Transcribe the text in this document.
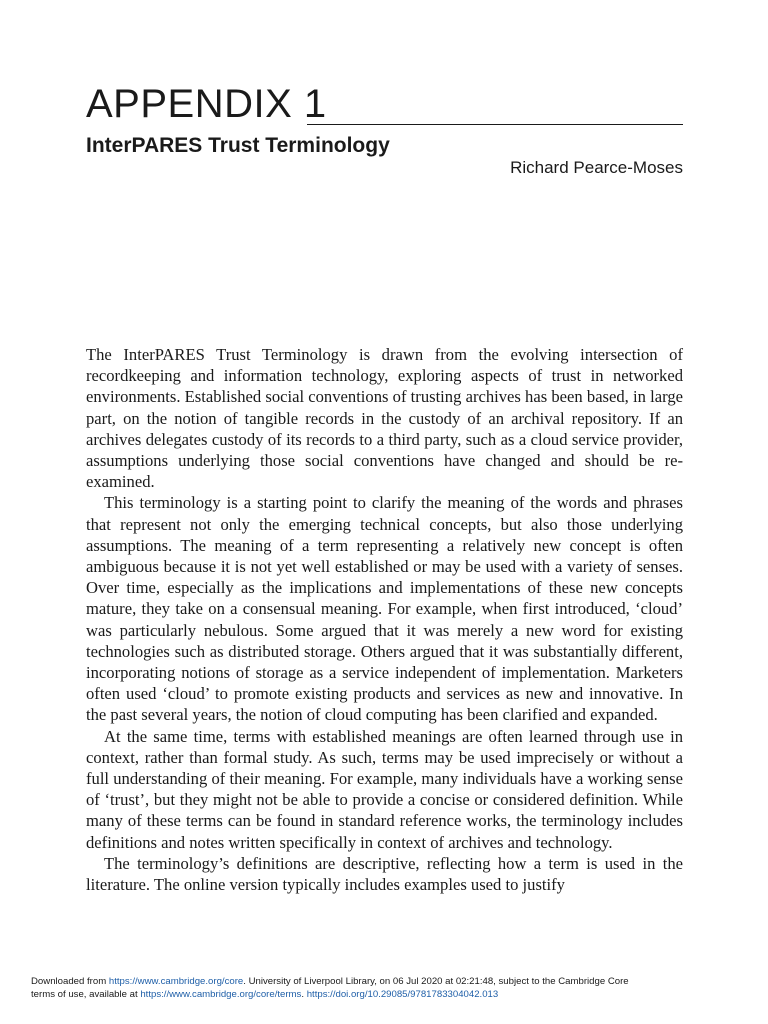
APPENDIX 1
InterPARES Trust Terminology

Richard Pearce-Moses

The InterPARES Trust Terminology is drawn from the evolving intersection of recordkeeping and information technology, exploring aspects of trust in networked environments. Established social conventions of trusting archives has been based, in large part, on the notion of tangible records in the custody of an archival repository. If an archives delegates custody of its records to a third party, such as a cloud service provider, assumptions underlying those social conventions have changed and should be re-examined.

This terminology is a starting point to clarify the meaning of the words and phrases that represent not only the emerging technical concepts, but also those underlying assumptions. The meaning of a term representing a relatively new concept is often ambiguous because it is not yet well established or may be used with a variety of senses. Over time, especially as the implications and implementations of these new concepts mature, they take on a consensual meaning. For example, when first introduced, ‘cloud’ was particularly nebulous. Some argued that it was merely a new word for existing technologies such as distributed storage. Others argued that it was substantially different, incorporating notions of storage as a service independent of implementation. Marketers often used ‘cloud’ to promote existing products and services as new and innovative. In the past several years, the notion of cloud computing has been clarified and expanded.

At the same time, terms with established meanings are often learned through use in context, rather than formal study. As such, terms may be used imprecisely or without a full understanding of their meaning. For example, many individuals have a working sense of ‘trust’, but they might not be able to provide a concise or considered definition. While many of these terms can be found in standard reference works, the terminology includes definitions and notes written specifically in context of archives and technology.

The terminology’s definitions are descriptive, reflecting how a term is used in the literature. The online version typically includes examples used to justify

Downloaded from https://www.cambridge.org/core. University of Liverpool Library, on 06 Jul 2020 at 02:21:48, subject to the Cambridge Core
terms of use, available at https://www.cambridge.org/core/terms. https://doi.org/10.29085/9781783304042.013
